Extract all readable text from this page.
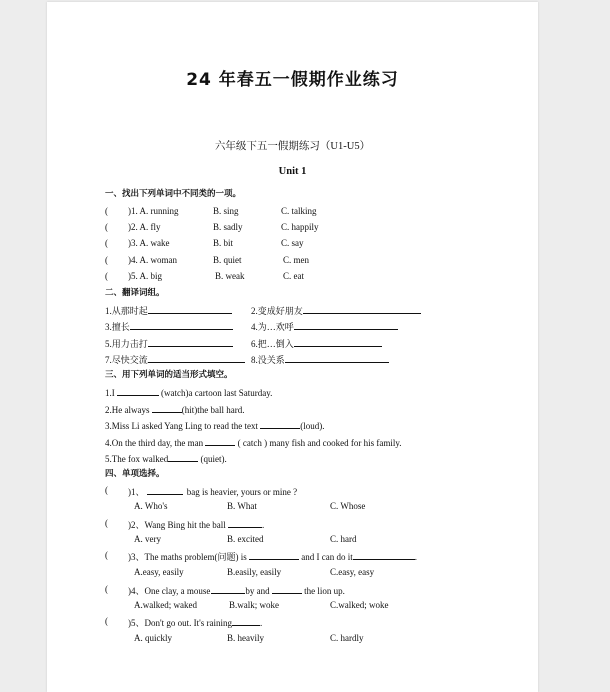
24 年春五一假期作业练习
六年级下五一假期练习（U1-U5）
Unit 1
一、找出下列单词中不同类的一项。
( )1. A. running	B. sing	C. talking
( )2. A. fly	B. sadly	C. happily
( )3. A. wake	B. bit	C. say
( )4. A. woman	B. quiet	C. men
( )5. A. big	B. weak	C. eat
二、翻译词组。
1.从那时起	2.变成好朋友
3.擅长	4.为…欢呼
5.用力击打	6.把…倒入
7.尽快交流	8.没关系
三、用下列单词的适当形式填空。
1.I	(watch)a cartoon last Saturday.
2.He always	(hit)the ball hard.
3.Miss Li asked Yang Ling to read the text	(loud).
4.On the third day, the man	( catch ) many fish and cooked for his family.
5.The fox walked	(quiet).
四、单项选择。
( )1、	bag is heavier, yours or mine ?
A. Who's	B. What	C. Whose
( )2、Wang Bing hit the ball	.
A. very	B. excited	C. hard
( )3、The maths problem(问题) is	and I can do it	.
A.easy, easily	B.easily, easily	C.easy, easy
( )4、One clay, a mouse	by and	the lion up.
A.walked; waked	B.walk; woke	C.walked; woke
( )5、Don't go out. It's raining	.
A. quickly	B. heavily	C. hardly
